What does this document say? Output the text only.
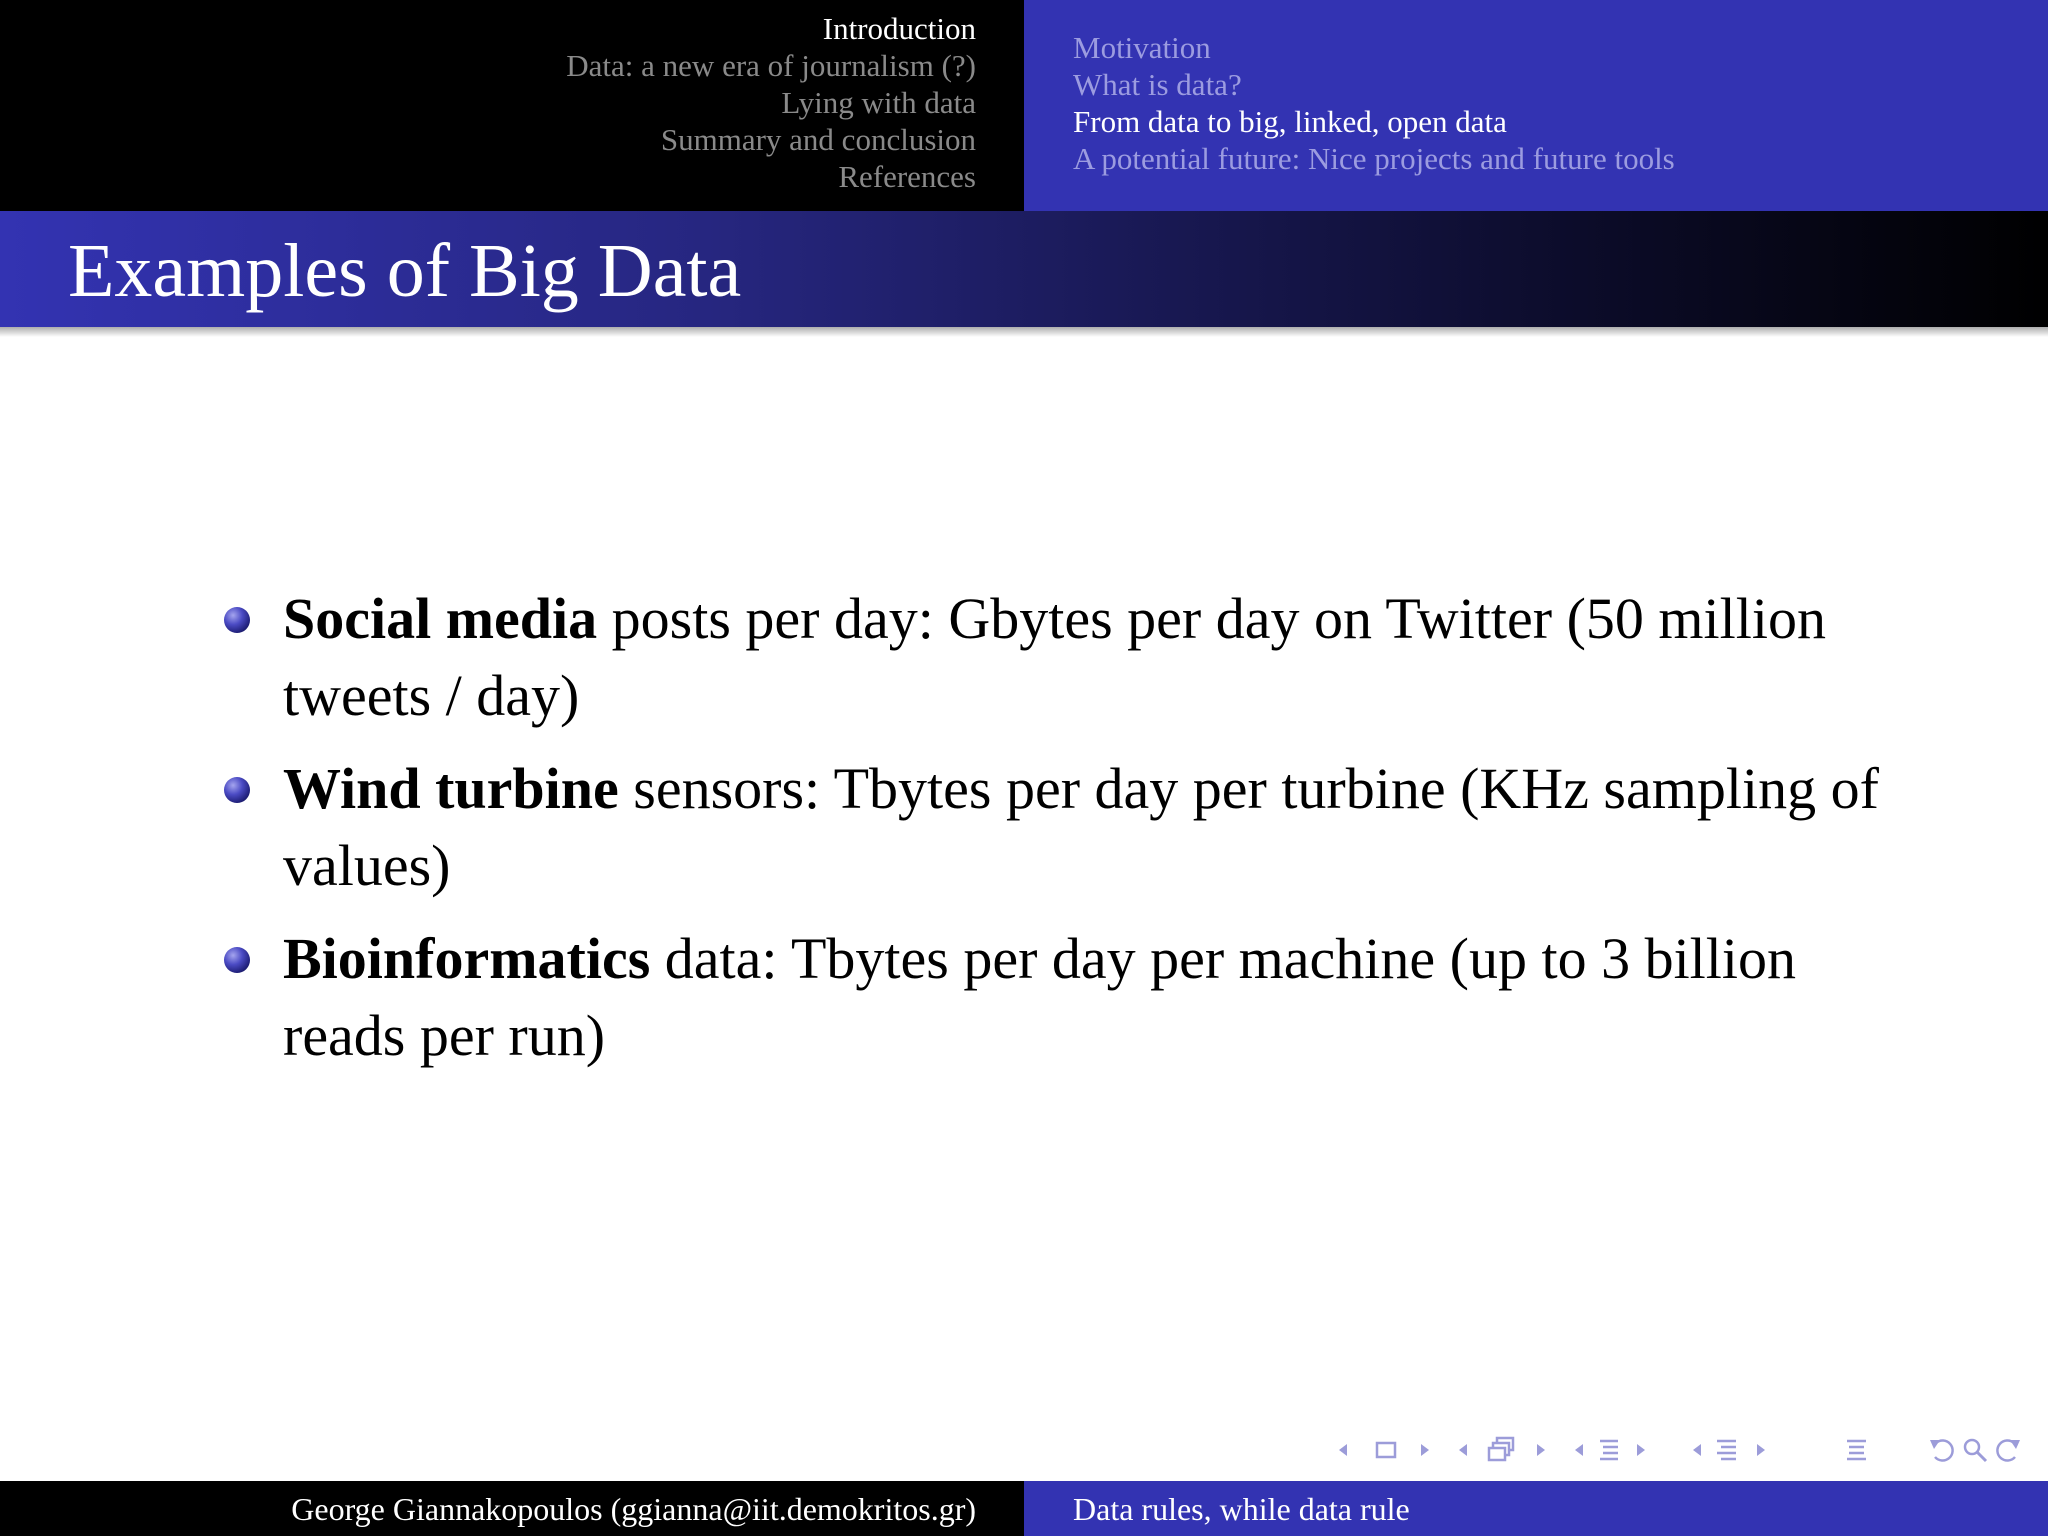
Introduction
Data: a new era of journalism (?)
Lying with data
Summary and conclusion
References
Motivation
What is data?
From data to big, linked, open data
A potential future: Nice projects and future tools
Examples of Big Data
Social media posts per day: Gbytes per day on Twitter (50 million tweets / day)
Wind turbine sensors: Tbytes per day per turbine (KHz sampling of values)
Bioinformatics data: Tbytes per day per machine (up to 3 billion reads per run)
George Giannakopoulos (ggianna@iit.demokritos.gr)	Data rules, while data rule
